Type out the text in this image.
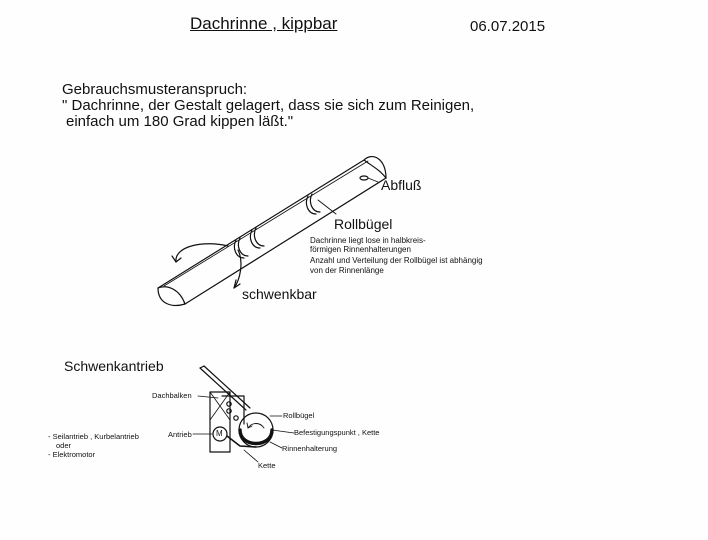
Dachrinne , kippbar	06.07.2015
Gebrauchsmusteranspruch:
" Dachrinne, der Gestalt gelagert, dass sie sich zum Reinigen,
einfach um 180 Grad kippen läßt."
Abfluß
Rollbügel
Dachrinne liegt lose in halbkreis-
förmigen Rinnenhalterungen
Anzahl und Verteilung der Rollbügel ist abhängig
von der Rinnenlänge
schwenkbar
Schwenkantrieb
Dachbalken
Rollbügel
Befestigungspunkt , Kette
Antrieb	M
Rinnenhalterung
Kette
- Seilantrieb , Kurbelantrieb
oder
- Elektromotor
